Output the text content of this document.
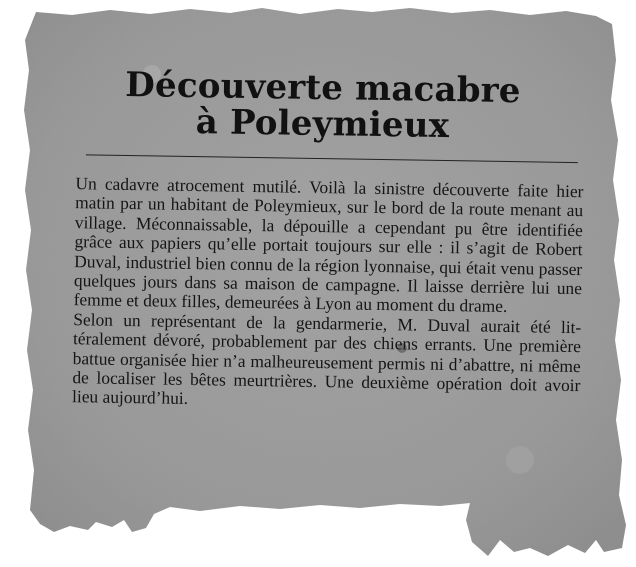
Découverte macabre
à Poleymieux

Un cadavre atrocement mutilé. Voilà la sinistre découverte faite hier matin par un habitant de Poleymieux, sur le bord de la route menant au village. Méconnaissable, la dépouille a cependant pu être identifiée grâce aux papiers qu’elle portait toujours sur elle : il s’agit de Robert Duval, industriel bien connu de la région lyonnaise, qui était venu passer quelques jours dans sa maison de campagne. Il laisse derrière lui une femme et deux filles, demeurées à Lyon au moment du drame.

Selon un représentant de la gendarmerie, M. Duval aurait été littéralement dévoré, probablement par des chiens errants. Une première battue organisée hier n’a malheureusement permis ni d’abattre, ni même de localiser les bêtes meurtrières. Une deuxième opération doit avoir lieu aujourd’hui.
